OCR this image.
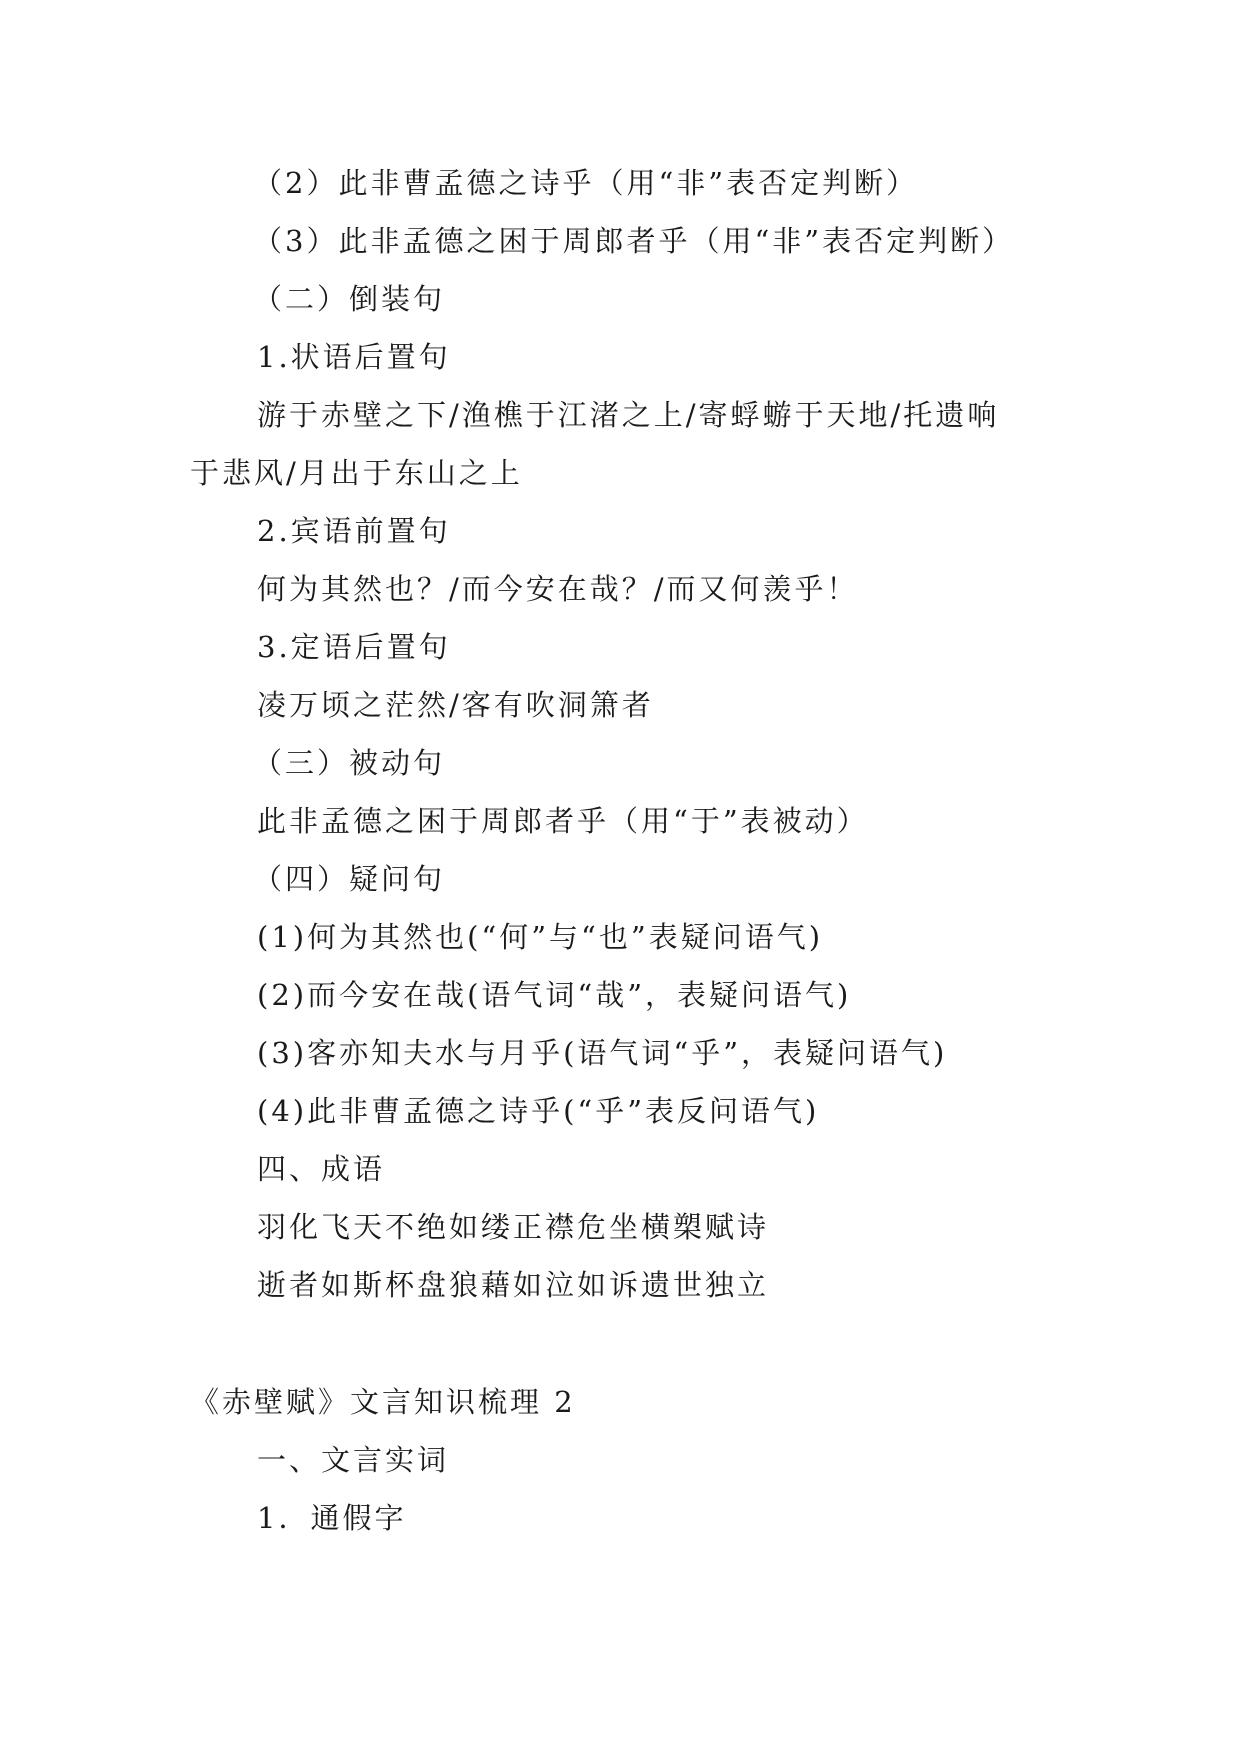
（2）此非曹孟德之诗乎（用“非”表否定判断）

（3）此非孟德之困于周郎者乎（用“非”表否定判断）

（二）倒装句

1.状语后置句

游于赤壁之下/渔樵于江渚之上/寄蜉蝣于天地/托遗响

于悲风/月出于东山之上

2.宾语前置句

何为其然也？/而今安在哉？/而又何羡乎！

3.定语后置句

凌万顷之茫然/客有吹洞箫者

（三）被动句

此非孟德之困于周郎者乎（用“于”表被动）

（四）疑问句

(1)何为其然也(“何”与“也”表疑问语气)

(2)而今安在哉(语气词“哉”，表疑问语气)

(3)客亦知夫水与月乎(语气词“乎”，表疑问语气)

(4)此非曹孟德之诗乎(“乎”表反问语气)

四、成语

羽化飞天不绝如缕正襟危坐横槊赋诗

逝者如斯杯盘狼藉如泣如诉遗世独立

《赤壁赋》文言知识梳理 2

一、文言实词

1．通假字
